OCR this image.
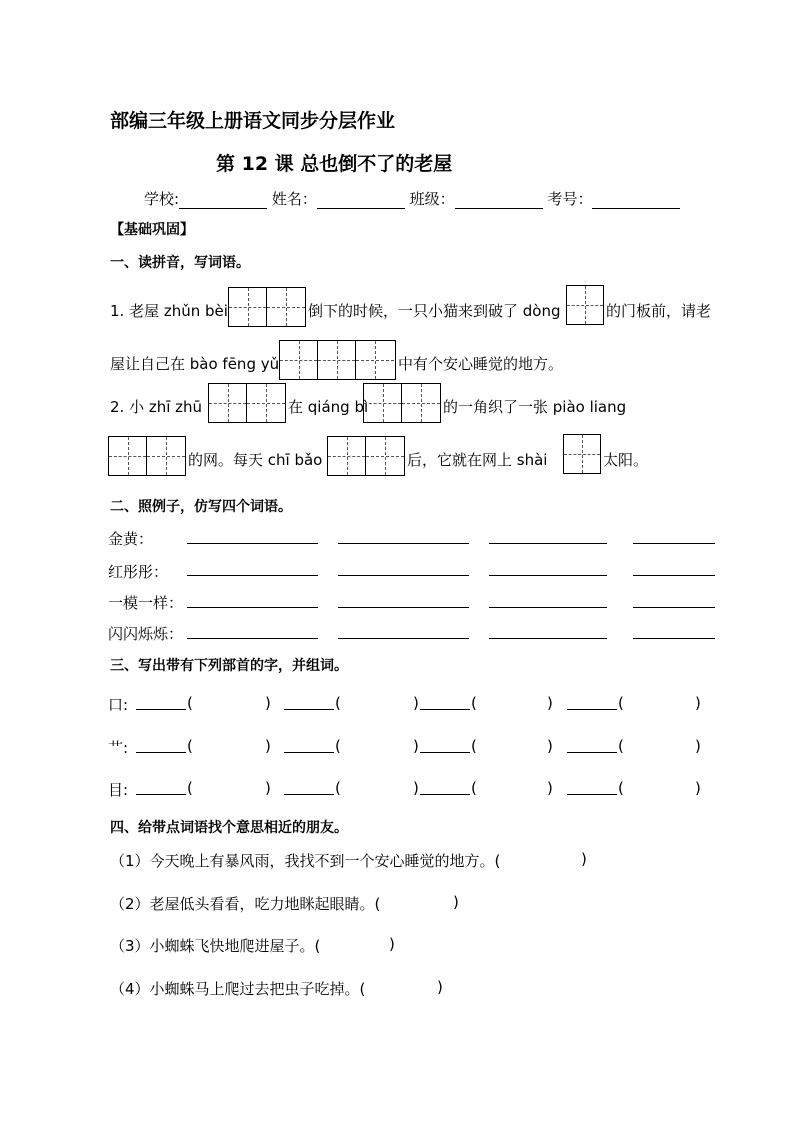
部编三年级上册语文同步分层作业
第 12 课 总也倒不了的老屋
学校:	姓名：	班级：	考号：
【基础巩固】
一、读拼音，写词语。
1. 老屋 zhǔn bèi	倒下的时候，一只小猫来到破了 dòng	的门板前，请老
屋让自己在 bào fēng yǔ	中有个安心睡觉的地方。
2. 小 zhī zhū	在 qiáng bì	的一角织了一张 piào liang
的网。每天 chī bǎo	后，它就在网上 shài	太阳。
二、照例子，仿写四个词语。
金黄：
红彤彤：
一模一样：
闪闪烁烁：
三、写出带有下列部首的字，并组词。
口:	(	)	(	)	(	)	(	)
艹:	(	)	(	)	(	)	(	)
目:	(	)	(	)	(	)	(	)
四、给带点词语找个意思相近的朋友。
（1）今天晚上有暴风雨，我找不到一个安心睡觉的地方。(	)
（2）老屋低头看看，吃力地眯起眼睛。(	)
（3）小蜘蛛飞快地爬进屋子。(	)
（4）小蜘蛛马上爬过去把虫子吃掉。(	)
